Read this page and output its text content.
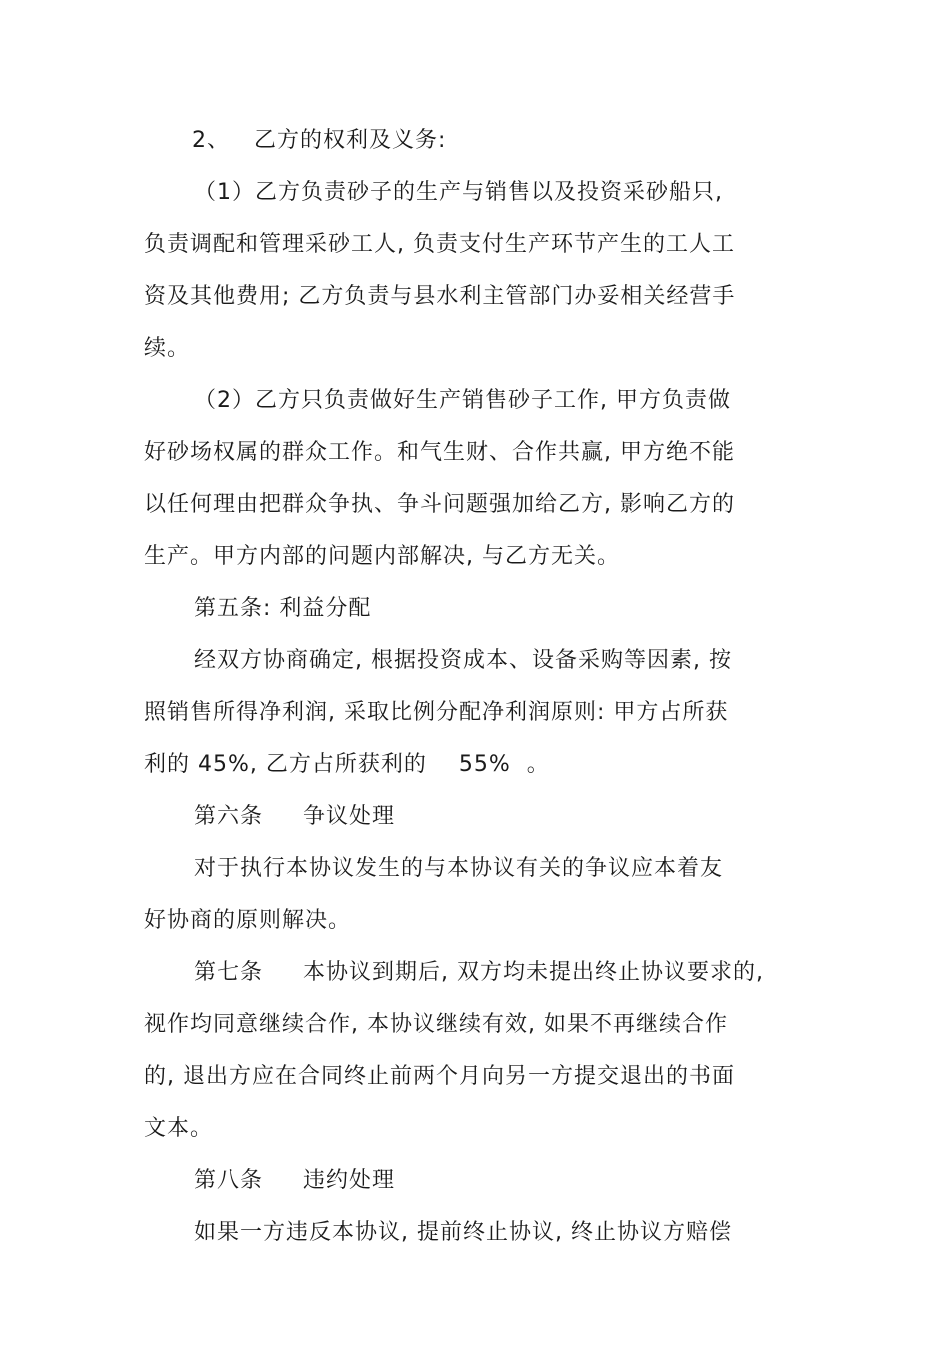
2、   乙方的权利及义务:
（1）乙方负责砂子的生产与销售以及投资采砂船只,
负责调配和管理采砂工人, 负责支付生产环节产生的工人工
资及其他费用; 乙方负责与县水利主管部门办妥相关经营手
续。
（2）乙方只负责做好生产销售砂子工作, 甲方负责做
好砂场权属的群众工作。和气生财、合作共赢, 甲方绝不能
以任何理由把群众争执、争斗问题强加给乙方, 影响乙方的
生产。甲方内部的问题内部解决, 与乙方无关。
第五条: 利益分配
经双方协商确定, 根据投资成本、设备采购等因素, 按
照销售所得净利润, 采取比例分配净利润原则: 甲方占所获
利的 45%, 乙方占所获利的    55%  。
第六条     争议处理
对于执行本协议发生的与本协议有关的争议应本着友
好协商的原则解决。
第七条     本协议到期后, 双方均未提出终止协议要求的,
视作均同意继续合作, 本协议继续有效, 如果不再继续合作
的, 退出方应在合同终止前两个月向另一方提交退出的书面
文本。
第八条     违约处理
如果一方违反本协议, 提前终止协议, 终止协议方赔偿
